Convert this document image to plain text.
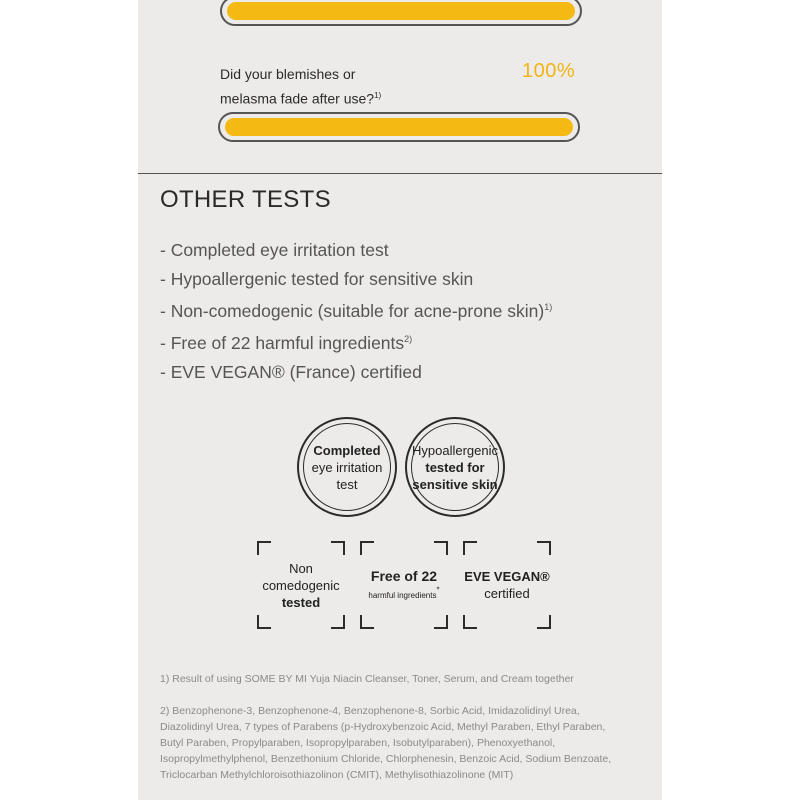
Did your blemishes or
melasma fade after use?$^{1)}$
100%
OTHER TESTS
- Completed eye irritation test
- Hypoallergenic tested for sensitive skin
- Non-comedogenic (suitable for acne-prone skin)$^{1)}$
- Free of 22 harmful ingredients$^{2)}$
- EVE VEGAN® (France) certified
Completed
eye irritation
test
Hypoallergenic
tested for
sensitive skin
Non
comedogenic
tested
Free of 22
harmful ingredients*
EVE VEGAN®
certified
1) Result of using SOME BY MI Yuja Niacin Cleanser, Toner, Serum, and Cream together
2) Benzophenone-3, Benzophenone-4, Benzophenone-8, Sorbic Acid, Imidazolidinyl Urea, Diazolidinyl Urea, 7 types of Parabens (p-Hydroxybenzoic Acid, Methyl Paraben, Ethyl Paraben, Butyl Paraben, Propylparaben, Isopropylparaben, Isobutylparaben), Phenoxyethanol, Isopropylmethylphenol, Benzethonium Chloride, Chlorphenesin, Benzoic Acid, Sodium Benzoate, Triclocarban Methylchloroisothiazolinon (CMIT), Methylisothiazolinone (MIT)
